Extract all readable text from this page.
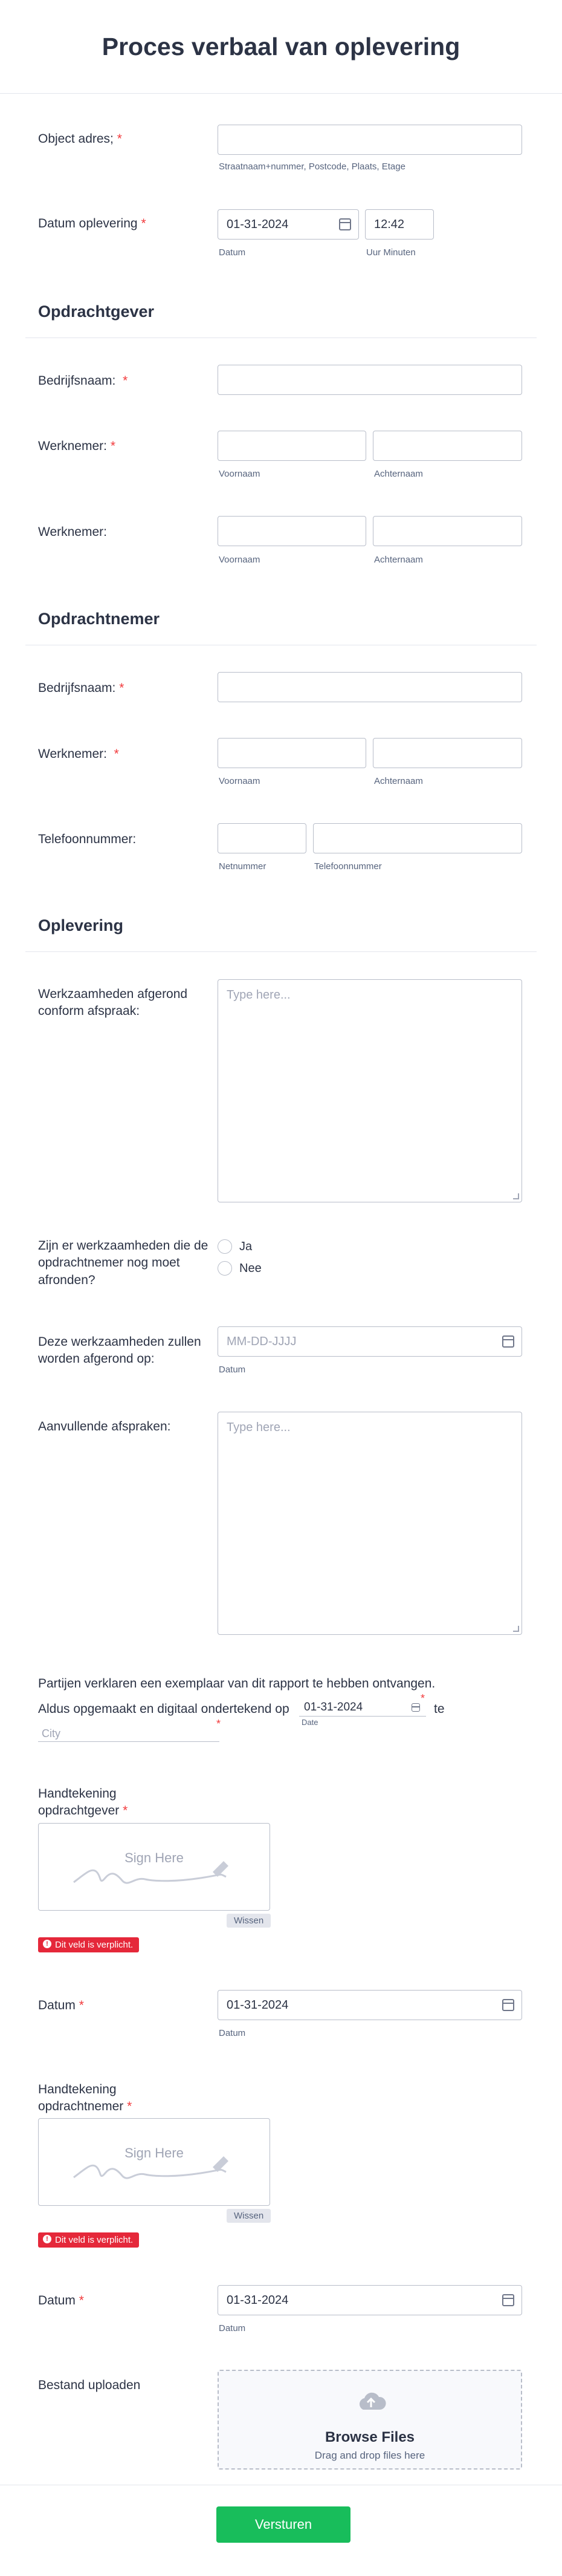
Proces verbaal van oplevering
Object adres; *
Straatnaam+nummer, Postcode, Plaats, Etage
Datum oplevering *	01-31-2024	12:42
Datum	Uur Minuten
Opdrachtgever
Bedrijfsnaam: *
Werknemer: *
Voornaam	Achternaam
Werknemer:
Voornaam	Achternaam
Opdrachtnemer
Bedrijfsnaam: *
Werknemer: *
Voornaam	Achternaam
Telefoonnummer:
Netnummer	Telefoonnummer
Oplevering
Werkzaamheden afgerond conform afspraak:
Type here...
Zijn er werkzaamheden die de opdrachtnemer nog moet afronden?
Ja
Nee
Deze werkzaamheden zullen worden afgerond op:
MM-DD-JJJJ
Datum
Aanvullende afspraken:	Type here...
Partijen verklaren een exemplaar van dit rapport te hebben ontvangen.
Aldus opgemaakt en digitaal ondertekend op 01-31-2024
*
Date
te
City
*
Handtekening opdrachtgever *
Sign Here
Wissen
! Dit veld is verplicht.
Datum *	01-31-2024
Datum
Handtekening opdrachtnemer *
Sign Here
Wissen
! Dit veld is verplicht.
Datum *	01-31-2024
Datum
Bestand uploaden
Browse Files
Drag and drop files here
Versturen
